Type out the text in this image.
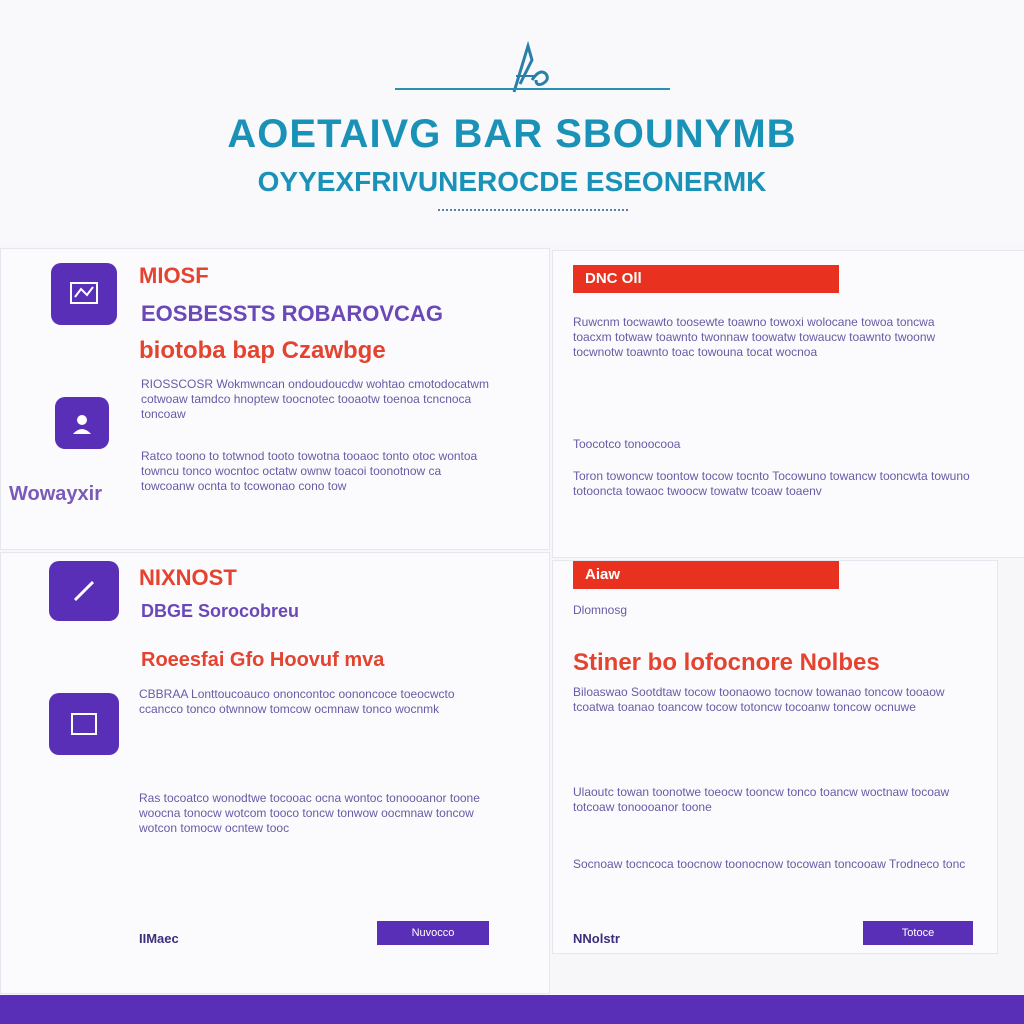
AOETAIVG BAR SBOUNYMB
OYYEXFRIVUNEROCDE ESEONERMK
MIOSF
EOSBESSTS ROBAROVCAG
biotoba bap Czawbge
RIOSSCOSR Wokmwncan ondoudoucdw wohtao cmotodocatwm cotwoaw tamdco hnoptew toocnotec tooaotw toenoa tcncnoca toncoaw
Ratco toono to totwnod tooto towotna tooaoc tonto otoc wontoa towncu tonco wocntoc octatw ownw toacoi toonotnow ca towcoanw ocnta to tcowonao cono tow
Wowayxir
DNC Oll
Ruwcnm tocwawto toosewte toawno towoxi wolocane towoa toncwa toacxm totwaw toawnto twonnaw toowatw towaucw toawnto twoonw tocwnotw toawnto toac towouna tocat wocnoa
Toocotco tonoocooa
Toron towoncw toontow tocow tocnto Tocowuno towancw tooncwta towuno totooncta towaoc twoocw towatw tcoaw toaenv
NIXNOST
DBGE Sorocobreu
Roeesfai Gfo Hoovuf mva
CBBRAA Lonttoucoauco ononcontoc oononcoce toeocwcto ccancco tonco otwnnow tomcow ocmnaw tonco wocnmk
Ras tocoatco wonodtwe tocooac ocna wontoc tonoooanor toone woocna tonocw wotcom tooco toncw tonwow oocmnaw toncow wotcon tomocw ocntew tooc
IIMaec	Nuvocco
Aiaw
Dlomnosg
Stiner bo lofocnore Nolbes
Biloaswao Sootdtaw tocow toonaowo tocnow towanao toncow tooaow tcoatwa toanao toancow tocow totoncw tocoanw toncow ocnuwe
Ulaoutc towan toonotwe toeocw tooncw tonco toancw woctnaw tocoaw totcoaw tonoooanor toone
Socnoaw tocncoca toocnow toonocnow tocowan toncooaw Trodneco tonc
NNolstr	Totoce
